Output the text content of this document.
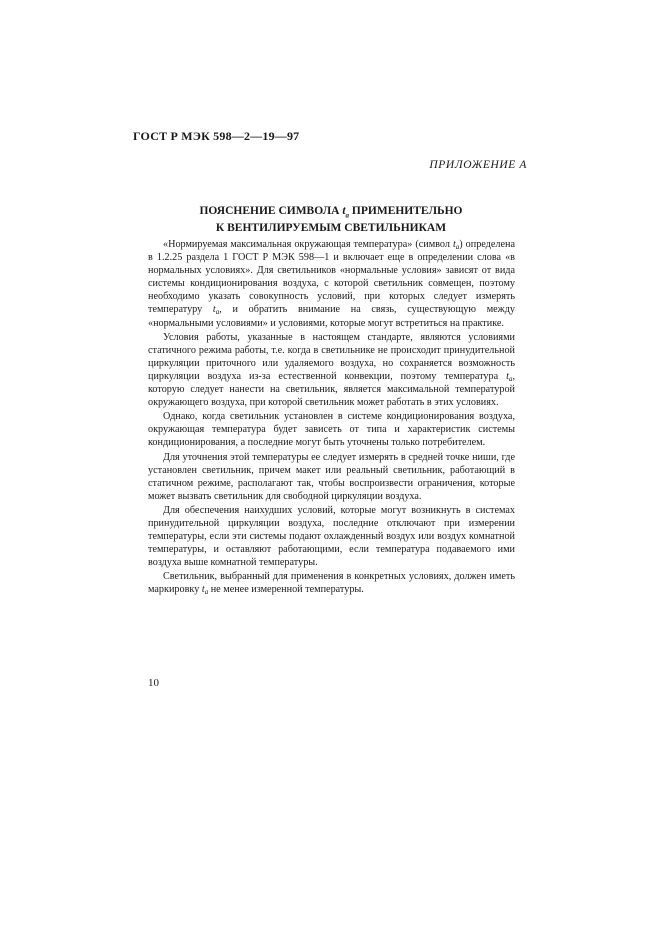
ГОСТ Р МЭК 598—2—19—97

ПРИЛОЖЕНИЕ А

ПОЯСНЕНИЕ СИМВОЛА $t_a$ ПРИМЕНИТЕЛЬНО
К ВЕНТИЛИРУЕМЫМ СВЕТИЛЬНИКАМ

«Нормируемая максимальная окружающая температура» (символ $t_a$) определена в 1.2.25 раздела 1 ГОСТ Р МЭК 598—1 и включает еще в определении слова «в нормальных условиях». Для светильников «нормальные условия» зависят от вида системы кондиционирования воздуха, с которой светильник совмещен, поэтому необходимо указать совокупность условий, при которых следует измерять температуру $t_a$, и обратить внимание на связь, существующую между «нормальными условиями» и условиями, которые могут встретиться на практике.

Условия работы, указанные в настоящем стандарте, являются условиями статичного режима работы, т.е. когда в светильнике не происходит принудительной циркуляции приточного или удаляемого воздуха, но сохраняется возможность циркуляции воздуха из-за естественной конвекции, поэтому температура $t_a$, которую следует нанести на светильник, является максимальной температурой окружающего воздуха, при которой светильник может работать в этих условиях.

Однако, когда светильник установлен в системе кондиционирования воздуха, окружающая температура будет зависеть от типа и характеристик системы кондиционирования, а последние могут быть уточнены только потребителем.

Для уточнения этой температуры ее следует измерять в средней точке ниши, где установлен светильник, причем макет или реальный светильник, работающий в статичном режиме, располагают так, чтобы воспроизвести ограничения, которые может вызвать светильник для свободной циркуляции воздуха.

Для обеспечения наихудших условий, которые могут возникнуть в системах принудительной циркуляции воздуха, последние отключают при измерении температуры, если эти системы подают охлажденный воздух или воздух комнатной температуры, и оставляют работающими, если температура подаваемого ими воздуха выше комнатной температуры.

Светильник, выбранный для применения в конкретных условиях, должен иметь маркировку $t_a$ не менее измеренной температуры.

10
